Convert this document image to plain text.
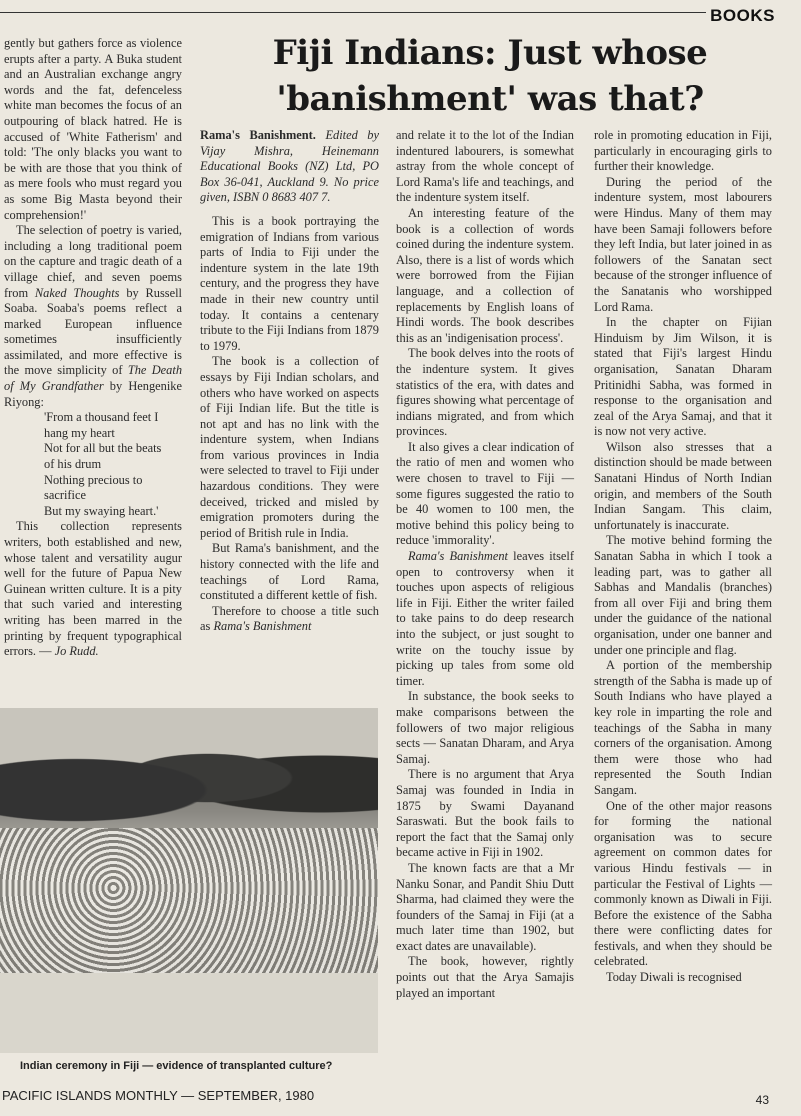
BOOKS
Fiji Indians: Just whose
'banishment' was that?

gently but gathers force as violence erupts after a party. A Buka student and an Australian exchange angry words and the fat, defenceless white man becomes the focus of an outpouring of black hatred. He is accused of 'White Fatherism' and told: 'The only blacks you want to be with are those that you think of as mere fools who must regard you as some Big Masta beyond their comprehension!'

The selection of poetry is varied, including a long traditional poem on the capture and tragic death of a village chief, and seven poems from Naked Thoughts by Russell Soaba. Soaba's poems reflect a marked European influence sometimes insufficiently assimilated, and more effective is the move simplicity of The Death of My Grandfather by Hengenike Riyong:

'From a thousand feet I

hang my heart

Not for all but the beats

of his drum

Nothing precious to sacrifice

But my swaying heart.'

This collection represents writers, both established and new, whose talent and versatility augur well for the future of Papua New Guinean written culture. It is a pity that such varied and interesting writing has been marred in the printing by frequent typographical errors. — Jo Rudd.

Rama's Banishment. Edited by Vijay Mishra, Heinemann Educational Books (NZ) Ltd, PO Box 36-041, Auckland 9. No price given, ISBN 0 8683 407 7.

This is a book portraying the emigration of Indians from various parts of India to Fiji under the indenture system in the late 19th century, and the progress they have made in their new country until today. It contains a centenary tribute to the Fiji Indians from 1879 to 1979.

The book is a collection of essays by Fiji Indian scholars, and others who have worked on aspects of Fiji Indian life. But the title is not apt and has no link with the indenture system, when Indians from various provinces in India were selected to travel to Fiji under hazardous conditions. They were deceived, tricked and misled by emigration promoters during the period of British rule in India.

But Rama's banishment, and the history connected with the life and teachings of Lord Rama, constituted a different kettle of fish.

Therefore to choose a title such as Rama's Banishment

and relate it to the lot of the Indian indentured labourers, is somewhat astray from the whole concept of Lord Rama's life and teachings, and the indenture system itself.

An interesting feature of the book is a collection of words coined during the indenture system. Also, there is a list of words which were borrowed from the Fijian language, and a collection of replacements by English loans of Hindi words. The book describes this as an 'indigenisation process'.

The book delves into the roots of the indenture system. It gives statistics of the era, with dates and figures showing what percentage of indians migrated, and from which provinces.

It also gives a clear indication of the ratio of men and women who were chosen to travel to Fiji — some figures suggested the ratio to be 40 women to 100 men, the motive behind this policy being to reduce 'immorality'.

Rama's Banishment leaves itself open to controversy when it touches upon aspects of religious life in Fiji. Either the writer failed to take pains to do deep research into the subject, or just sought to write on the touchy issue by picking up tales from some old timer.

In substance, the book seeks to make comparisons between the followers of two major religious sects — Sanatan Dharam, and Arya Samaj.

There is no argument that Arya Samaj was founded in India in 1875 by Swami Dayanand Saraswati. But the book fails to report the fact that the Samaj only became active in Fiji in 1902.

The known facts are that a Mr Nanku Sonar, and Pandit Shiu Dutt Sharma, had claimed they were the founders of the Samaj in Fiji (at a much later time than 1902, but exact dates are unavailable).

The book, however, rightly points out that the Arya Samajis played an important

role in promoting education in Fiji, particularly in encouraging girls to further their knowledge.

During the period of the indenture system, most labourers were Hindus. Many of them may have been Samaji followers before they left India, but later joined in as followers of the Sanatan sect because of the stronger influence of the Sanatanis who worshipped Lord Rama.

In the chapter on Fijian Hinduism by Jim Wilson, it is stated that Fiji's largest Hindu organisation, Sanatan Dharam Pritinidhi Sabha, was formed in response to the organisation and zeal of the Arya Samaj, and that it is now not very active.

Wilson also stresses that a distinction should be made between Sanatani Hindus of North Indian origin, and members of the South Indian Sangam. This claim, unfortunately is inaccurate.

The motive behind forming the Sanatan Sabha in which I took a leading part, was to gather all Sabhas and Mandalis (branches) from all over Fiji and bring them under the guidance of the national organisation, under one banner and under one principle and flag.

A portion of the membership strength of the Sabha is made up of South Indians who have played a key role in imparting the role and teachings of the Sabha in many corners of the organisation. Among them were those who had represented the South Indian Sangam.

One of the other major reasons for forming the national organisation was to secure agreement on common dates for various Hindu festivals — in particular the Festival of Lights — commonly known as Diwali in Fiji. Before the existence of the Sabha there were conflicting dates for festivals, and when they should be celebrated.

Today Diwali is recognised

Indian ceremony in Fiji — evidence of transplanted culture?
PACIFIC ISLANDS MONTHLY — SEPTEMBER, 1980	43
